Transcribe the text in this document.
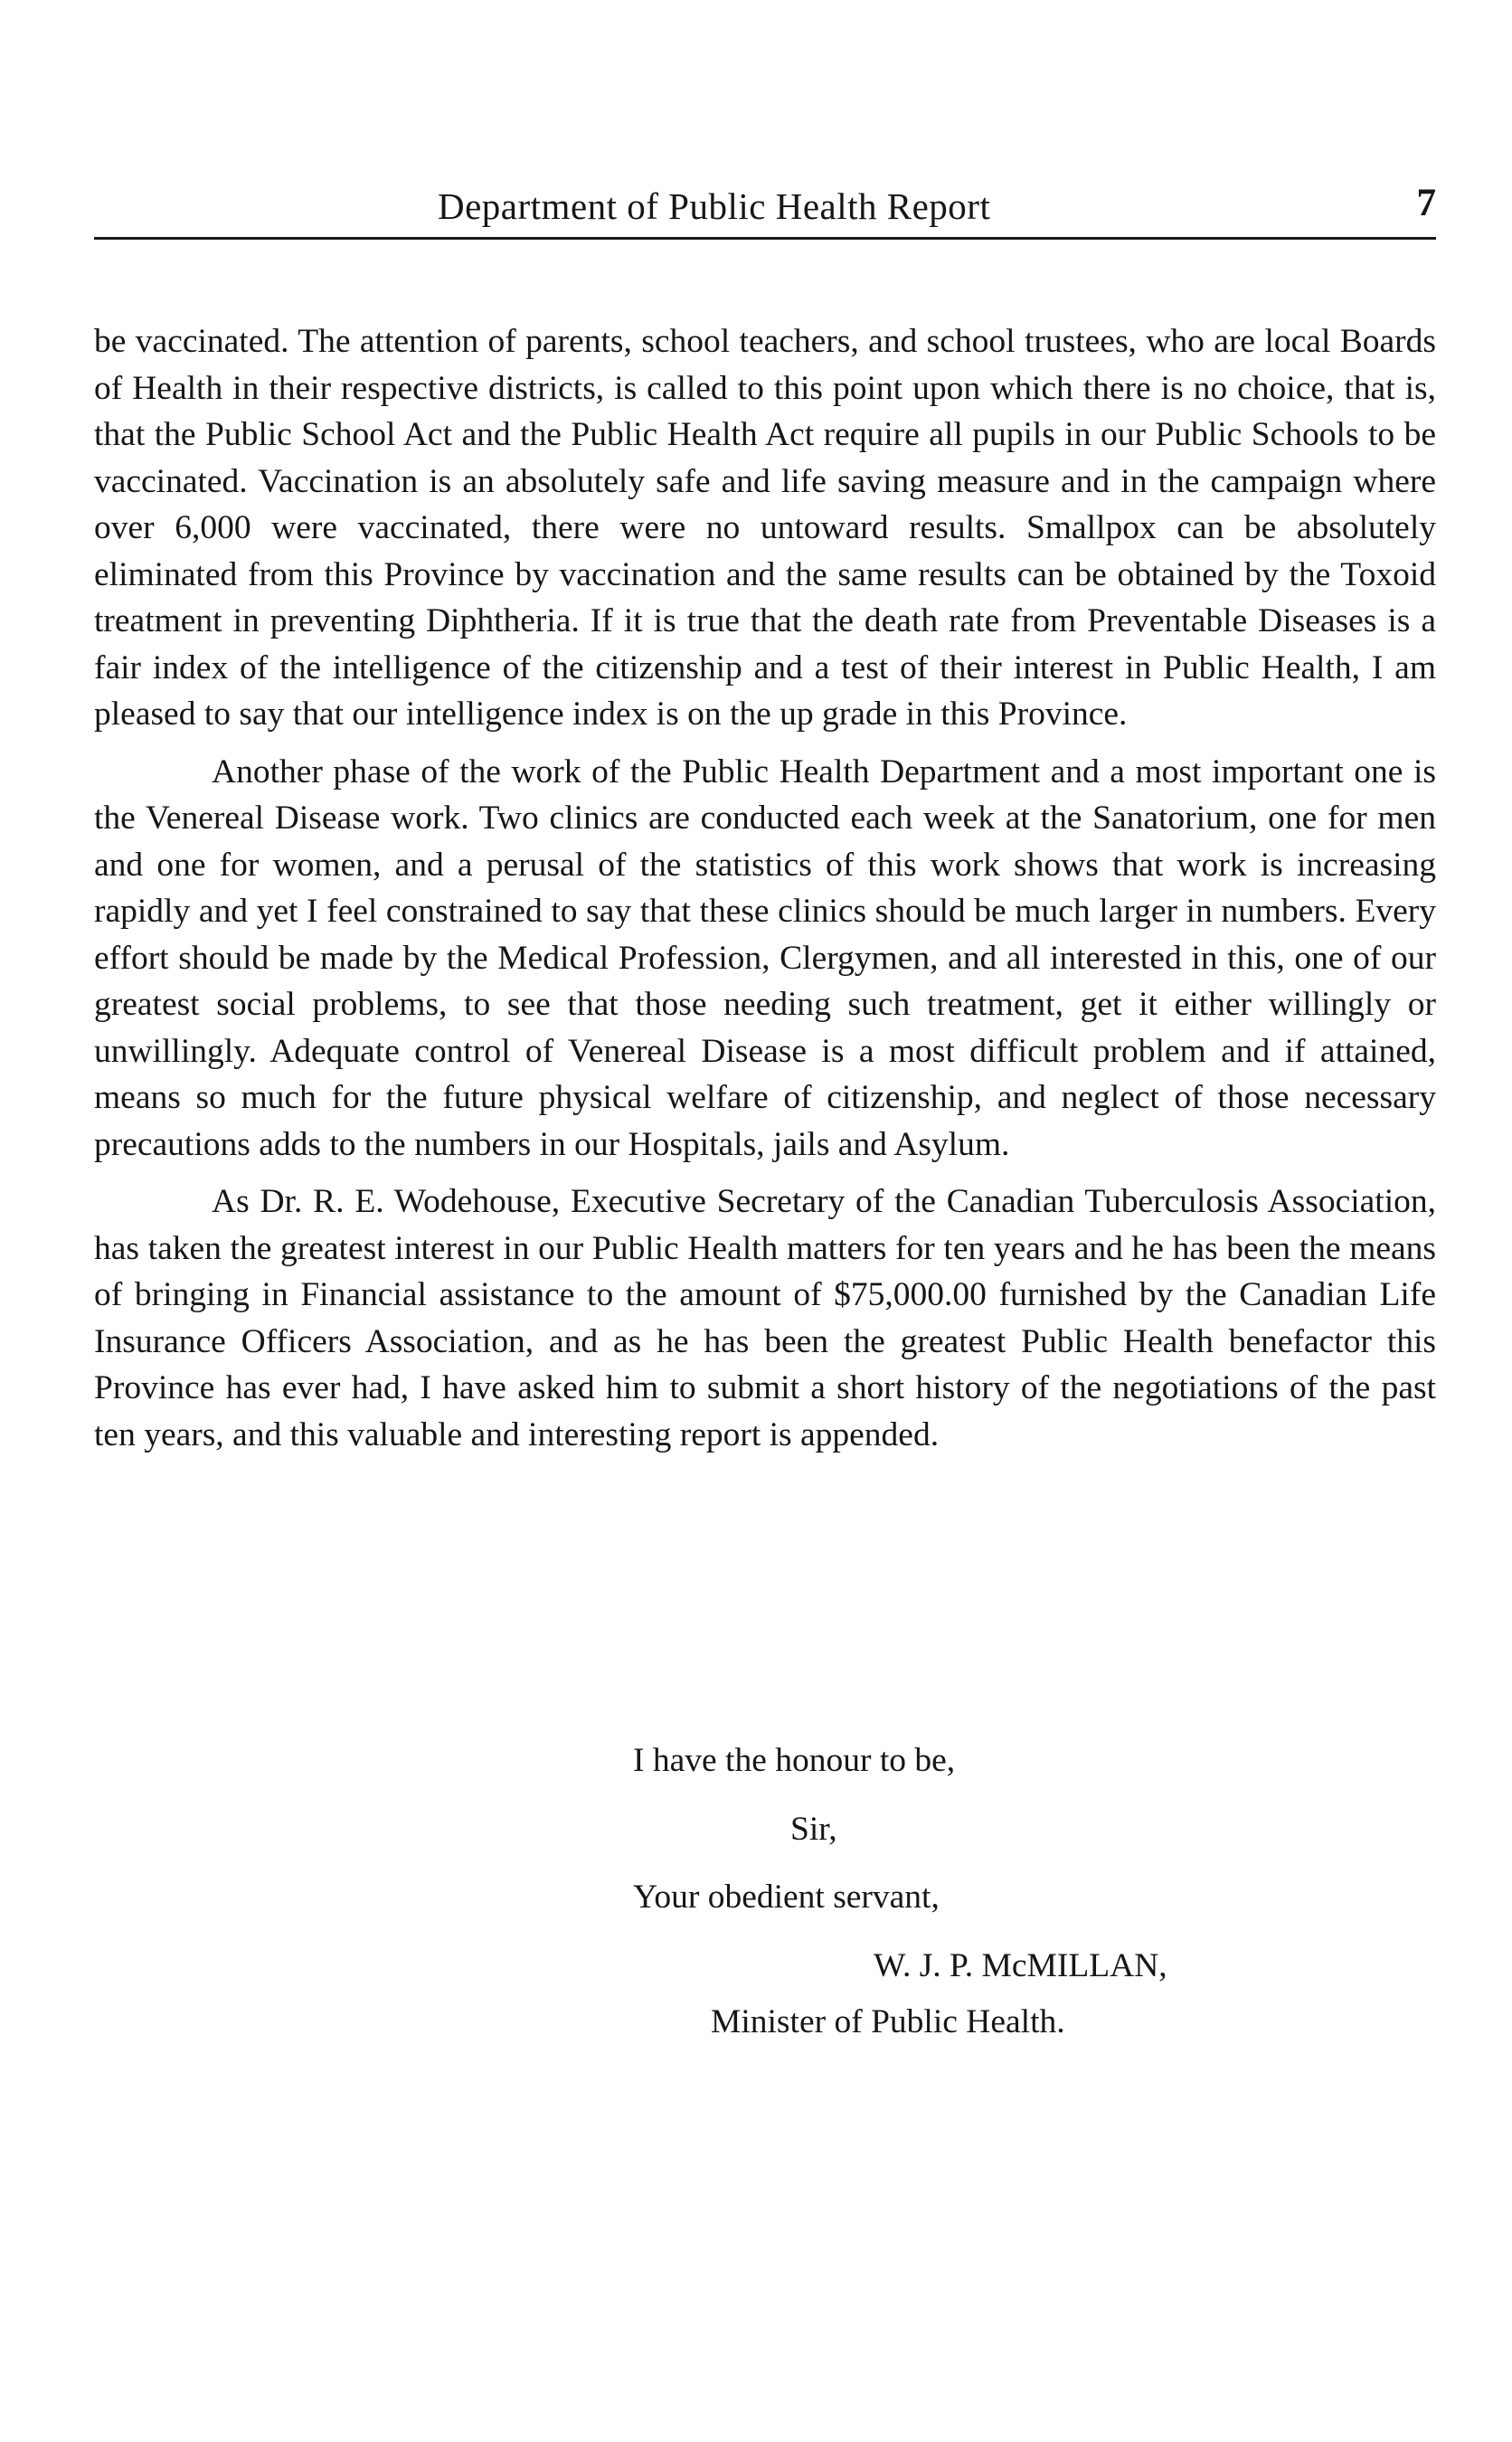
Department of Public Health Report	7

be vaccinated. The attention of parents, school teachers, and school trustees, who are local Boards of Health in their respective districts, is called to this point upon which there is no choice, that is, that the Public School Act and the Public Health Act require all pupils in our Public Schools to be vaccinated. Vaccination is an absolutely safe and life saving measure and in the campaign where over 6,000 were vaccinated, there were no untoward results. Smallpox can be absolutely eliminated from this Province by vaccination and the same results can be obtained by the Toxoid treatment in preventing Diphtheria. If it is true that the death rate from Preventable Diseases is a fair index of the intelligence of the citizenship and a test of their interest in Public Health, I am pleased to say that our intelligence index is on the up grade in this Province.

Another phase of the work of the Public Health Department and a most important one is the Venereal Disease work. Two clinics are conducted each week at the Sanatorium, one for men and one for women, and a perusal of the statistics of this work shows that work is increasing rapidly and yet I feel constrained to say that these clinics should be much larger in numbers. Every effort should be made by the Medical Profession, Clergymen, and all interested in this, one of our greatest social problems, to see that those needing such treatment, get it either willingly or unwillingly. Adequate control of Venereal Disease is a most difficult problem and if attained, means so much for the future physical welfare of citizenship, and neglect of those necessary precautions adds to the numbers in our Hospitals, jails and Asylum.

As Dr. R. E. Wodehouse, Executive Secretary of the Canadian Tuberculosis Association, has taken the greatest interest in our Public Health matters for ten years and he has been the means of bringing in Financial assistance to the amount of $75,000.00 furnished by the Canadian Life Insurance Officers Association, and as he has been the greatest Public Health benefactor this Province has ever had, I have asked him to submit a short history of the negotiations of the past ten years, and this valuable and interesting report is appended.

I have the honour to be,
Sir,
Your obedient servant,
W. J. P. McMILLAN,
Minister of Public Health.
